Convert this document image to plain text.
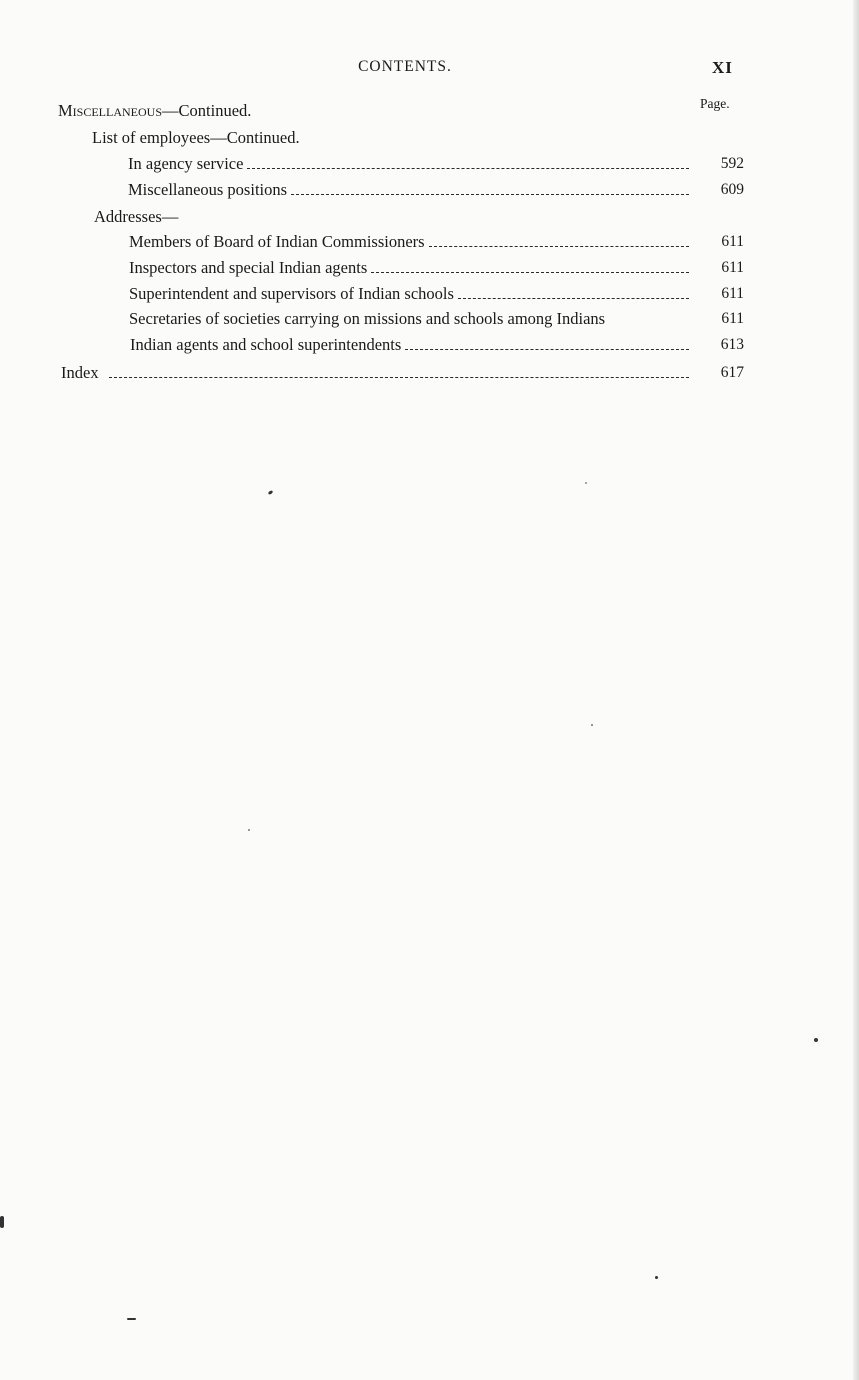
CONTENTS.	XI
Page.
Miscellaneous—Continued.
List of employees—Continued.
In agency service	592
Miscellaneous positions	609
Addresses—
Members of Board of Indian Commissioners	611
Inspectors and special Indian agents	611
Superintendent and supervisors of Indian schools	611
Secretaries of societies carrying on missions and schools among Indians	611
Indian agents and school superintendents	613
Index	617
